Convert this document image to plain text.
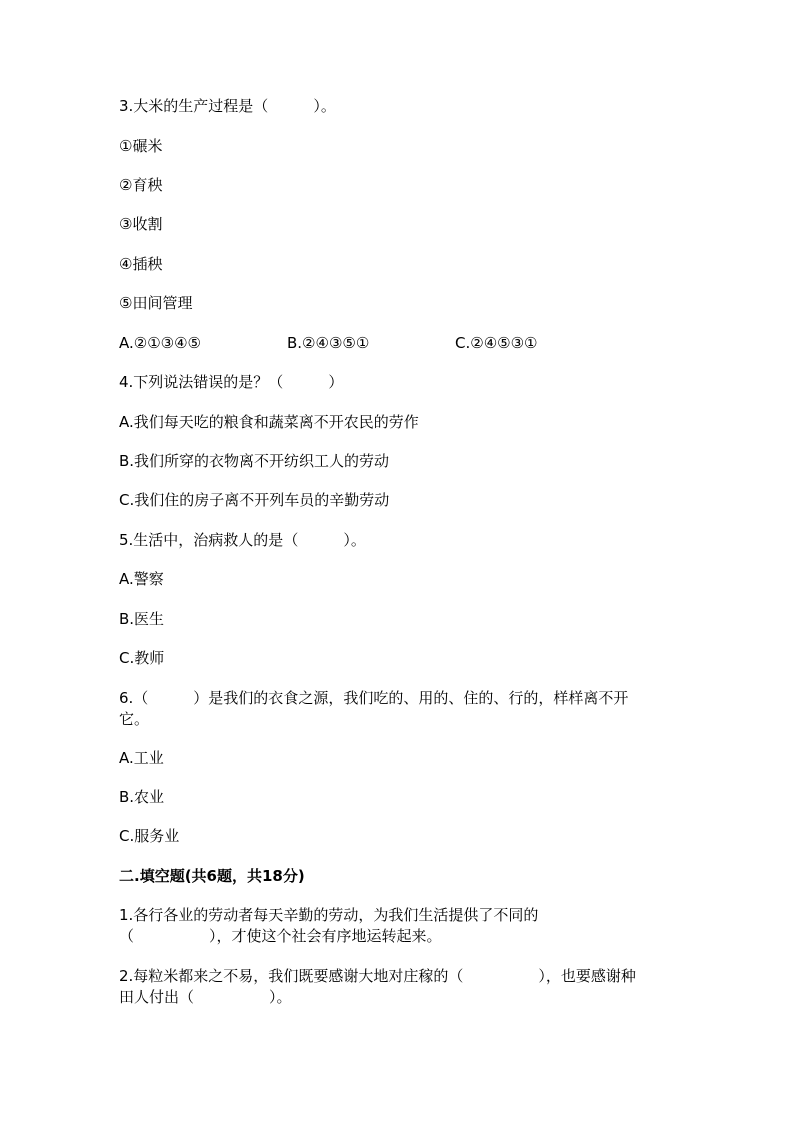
3.大米的生产过程是（　　　）。
①碾米
②育秧
③收割
④插秧
⑤田间管理
A.②①③④⑤	B.②④③⑤①	C.②④⑤③①
4.下列说法错误的是？（　　　）
A.我们每天吃的粮食和蔬菜离不开农民的劳作
B.我们所穿的衣物离不开纺织工人的劳动
C.我们住的房子离不开列车员的辛勤劳动
5.生活中，治病救人的是（　　　）。
A.警察
B.医生
C.教师
6.（　　　）是我们的衣食之源，我们吃的、用的、住的、行的，样样离不开
它。
A.工业
B.农业
C.服务业
二.填空题(共6题，共18分)
1.各行各业的劳动者每天辛勤的劳动，为我们生活提供了不同的
（　　　　　），才使这个社会有序地运转起来。
2.每粒米都来之不易，我们既要感谢大地对庄稼的（　　　　　），也要感谢种
田人付出（　　　　　）。
